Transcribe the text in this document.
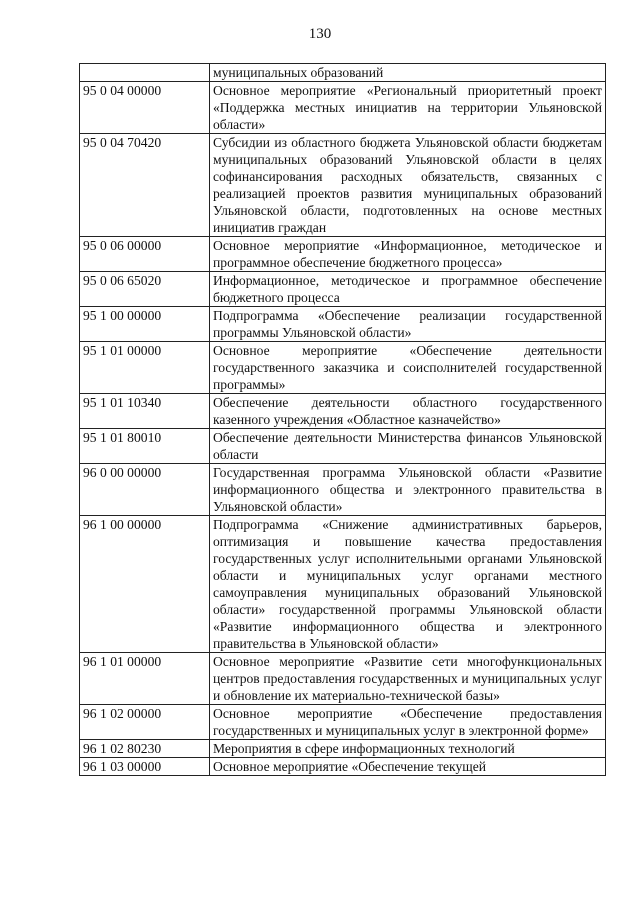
130
	муниципальных образований
95 0 04 00000	Основное мероприятие «Региональный приоритетный проект «Поддержка местных инициатив на территории Ульяновской области»
95 0 04 70420	Субсидии из областного бюджета Ульяновской области бюджетам муниципальных образований Ульяновской области в целях софинансирования расходных обязательств, связанных с реализацией проектов развития муниципальных образований Ульяновской области, подготовленных на основе местных инициатив граждан
95 0 06 00000	Основное мероприятие «Информационное, методическое и программное обеспечение бюджетного процесса»
95 0 06 65020	Информационное, методическое и программное обеспечение бюджетного процесса
95 1 00 00000	Подпрограмма «Обеспечение реализации государственной программы Ульяновской области»
95 1 01 00000	Основное мероприятие «Обеспечение деятельности государственного заказчика и соисполнителей государственной программы»
95 1 01 10340	Обеспечение деятельности областного государственного казенного учреждения «Областное казначейство»
95 1 01 80010	Обеспечение деятельности Министерства финансов Ульяновской области
96 0 00 00000	Государственная программа Ульяновской области «Развитие информационного общества и электронного правительства в Ульяновской области»
96 1 00 00000	Подпрограмма «Снижение административных барьеров, оптимизация и повышение качества предоставления государственных услуг исполнительными органами Ульяновской области и муниципальных услуг органами местного самоуправления муниципальных образований Ульяновской области» государственной программы Ульяновской области «Развитие информационного общества и электронного правительства в Ульяновской области»
96 1 01 00000	Основное мероприятие «Развитие сети многофункциональных центров предоставления государственных и муниципальных услуг и обновление их материально-технической базы»
96 1 02 00000	Основное мероприятие «Обеспечение предоставления государственных и муниципальных услуг в электронной форме»
96 1 02 80230	Мероприятия в сфере информационных технологий
96 1 03 00000	Основное мероприятие «Обеспечение текущей
